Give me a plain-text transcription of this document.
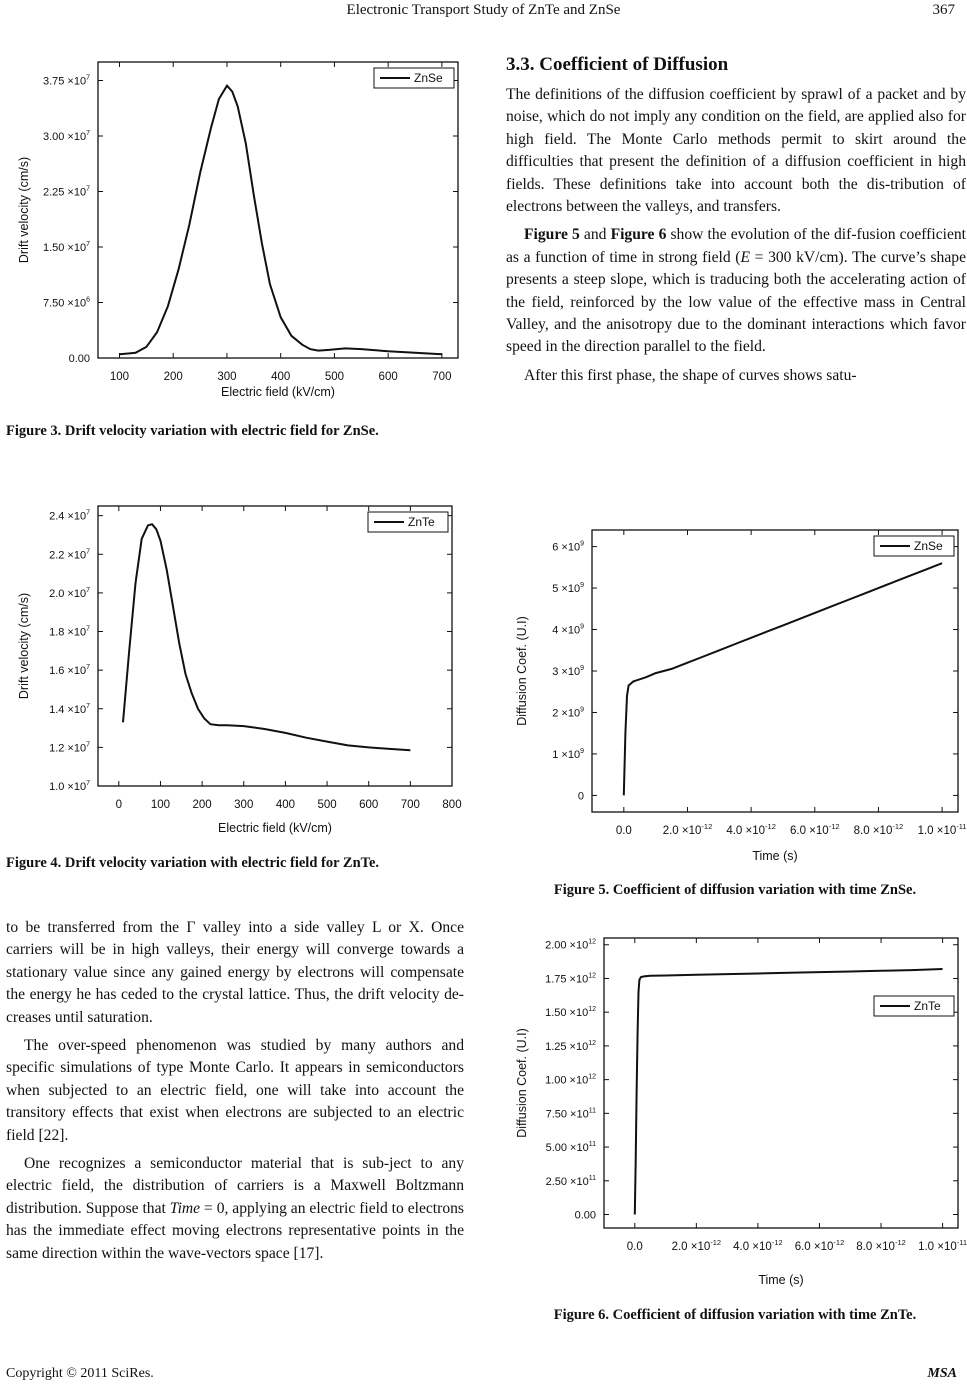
Electronic Transport Study of ZnTe and ZnSe	367
100	200	300	400	500	600	700
0.00
$7.50 \times 10^6$
$1.50 \times 10^7$
$2.25 \times 10^7$
$3.00 \times 10^7$
$3.75 \times 10^7$
Electric field (kV/cm)
Drift velocity (cm/s)
ZnSe

Figure 3. Drift velocity variation with electric field for ZnSe.

0	100 200 300 400 500 600 700 800
$1.0 \times 10^7$
$1.2 \times 10^7$
$1.4 \times 10^7$
$1.6 \times 10^7$
$1.8 \times 10^7$
$2.0 \times 10^7$
$2.2 \times 10^7$
$2.4 \times 10^7$
Electric field (kV/cm)
Drift velocity (cm/s)
ZnTe

Figure 4. Drift velocity variation with electric field for ZnTe.

to be transferred from the Γ valley into a side valley L or X. Once carriers will be in high valleys, their energy will converge towards a stationary value since any gained energy by electrons will compensate the energy he has ceded to the crystal lattice. Thus, the drift velocity de-creases until saturation.

The over-speed phenomenon was studied by many authors and specific simulations of type Monte Carlo. It appears in semiconductors when subjected to an electric field, one will take into account the transitory effects that exist when electrons are subjected to an electric field [22].

One recognizes a semiconductor material that is sub-ject to any electric field, the distribution of carriers is a Maxwell Boltzmann distribution. Suppose that Time = 0, applying an electric field to electrons has the immediate effect moving electrons representative points in the same direction within the wave-vectors space [17].

3.3. Coefficient of Diffusion

The definitions of the diffusion coefficient by sprawl of a packet and by noise, which do not imply any condition on the field, are applied also for high field. The Monte Carlo methods permit to skirt around the difficulties that present the definition of a diffusion coefficient in high fields. These definitions take into account both the dis-tribution of electrons between the valleys, and transfers.

Figure 5 and Figure 6 show the evolution of the dif-fusion coefficient as a function of time in strong field (E = 300 kV/cm). The curve’s shape presents a steep slope, which is traducing both the accelerating action of the field, reinforced by the low value of the effective mass in Central Valley, and the anisotropy due to the dominant interactions which favor speed in the direction parallel to the field.

After this first phase, the shape of curves shows satu-

0.0	$2.0 \times 10^{-12}$ $4.0 \times 10^{-12}$ $6.0 \times 10^{-12}$ $8.0 \times 10^{-12}$ $1.0 \times 10^{-11}$
0
$1 \times 10^9$
$2 \times 10^9$
$3 \times 10^9$
$4 \times 10^9$
$5 \times 10^9$
$6 \times 10^9$
Time (s)
Diffusion Coef. (U.I)
ZnSe

Figure 5. Coefficient of diffusion variation with time ZnSe.

0.0	$2.0 \times 10^{-12}$ $4.0 \times 10^{-12}$ $6.0 \times 10^{-12}$ $8.0 \times 10^{-12}$ $1.0 \times 10^{-11}$
0.00
$2.50 \times 10^{11}$
$5.00 \times 10^{11}$
$7.50 \times 10^{11}$
$1.00 \times 10^{12}$
$1.25 \times 10^{12}$
$1.50 \times 10^{12}$
$1.75 \times 10^{12}$
$2.00 \times 10^{12}$
Time (s)
Diffusion Coef. (U.I)
ZnTe

Figure 6. Coefficient of diffusion variation with time ZnTe.

Copyright © 2011 SciRes.	MSA
